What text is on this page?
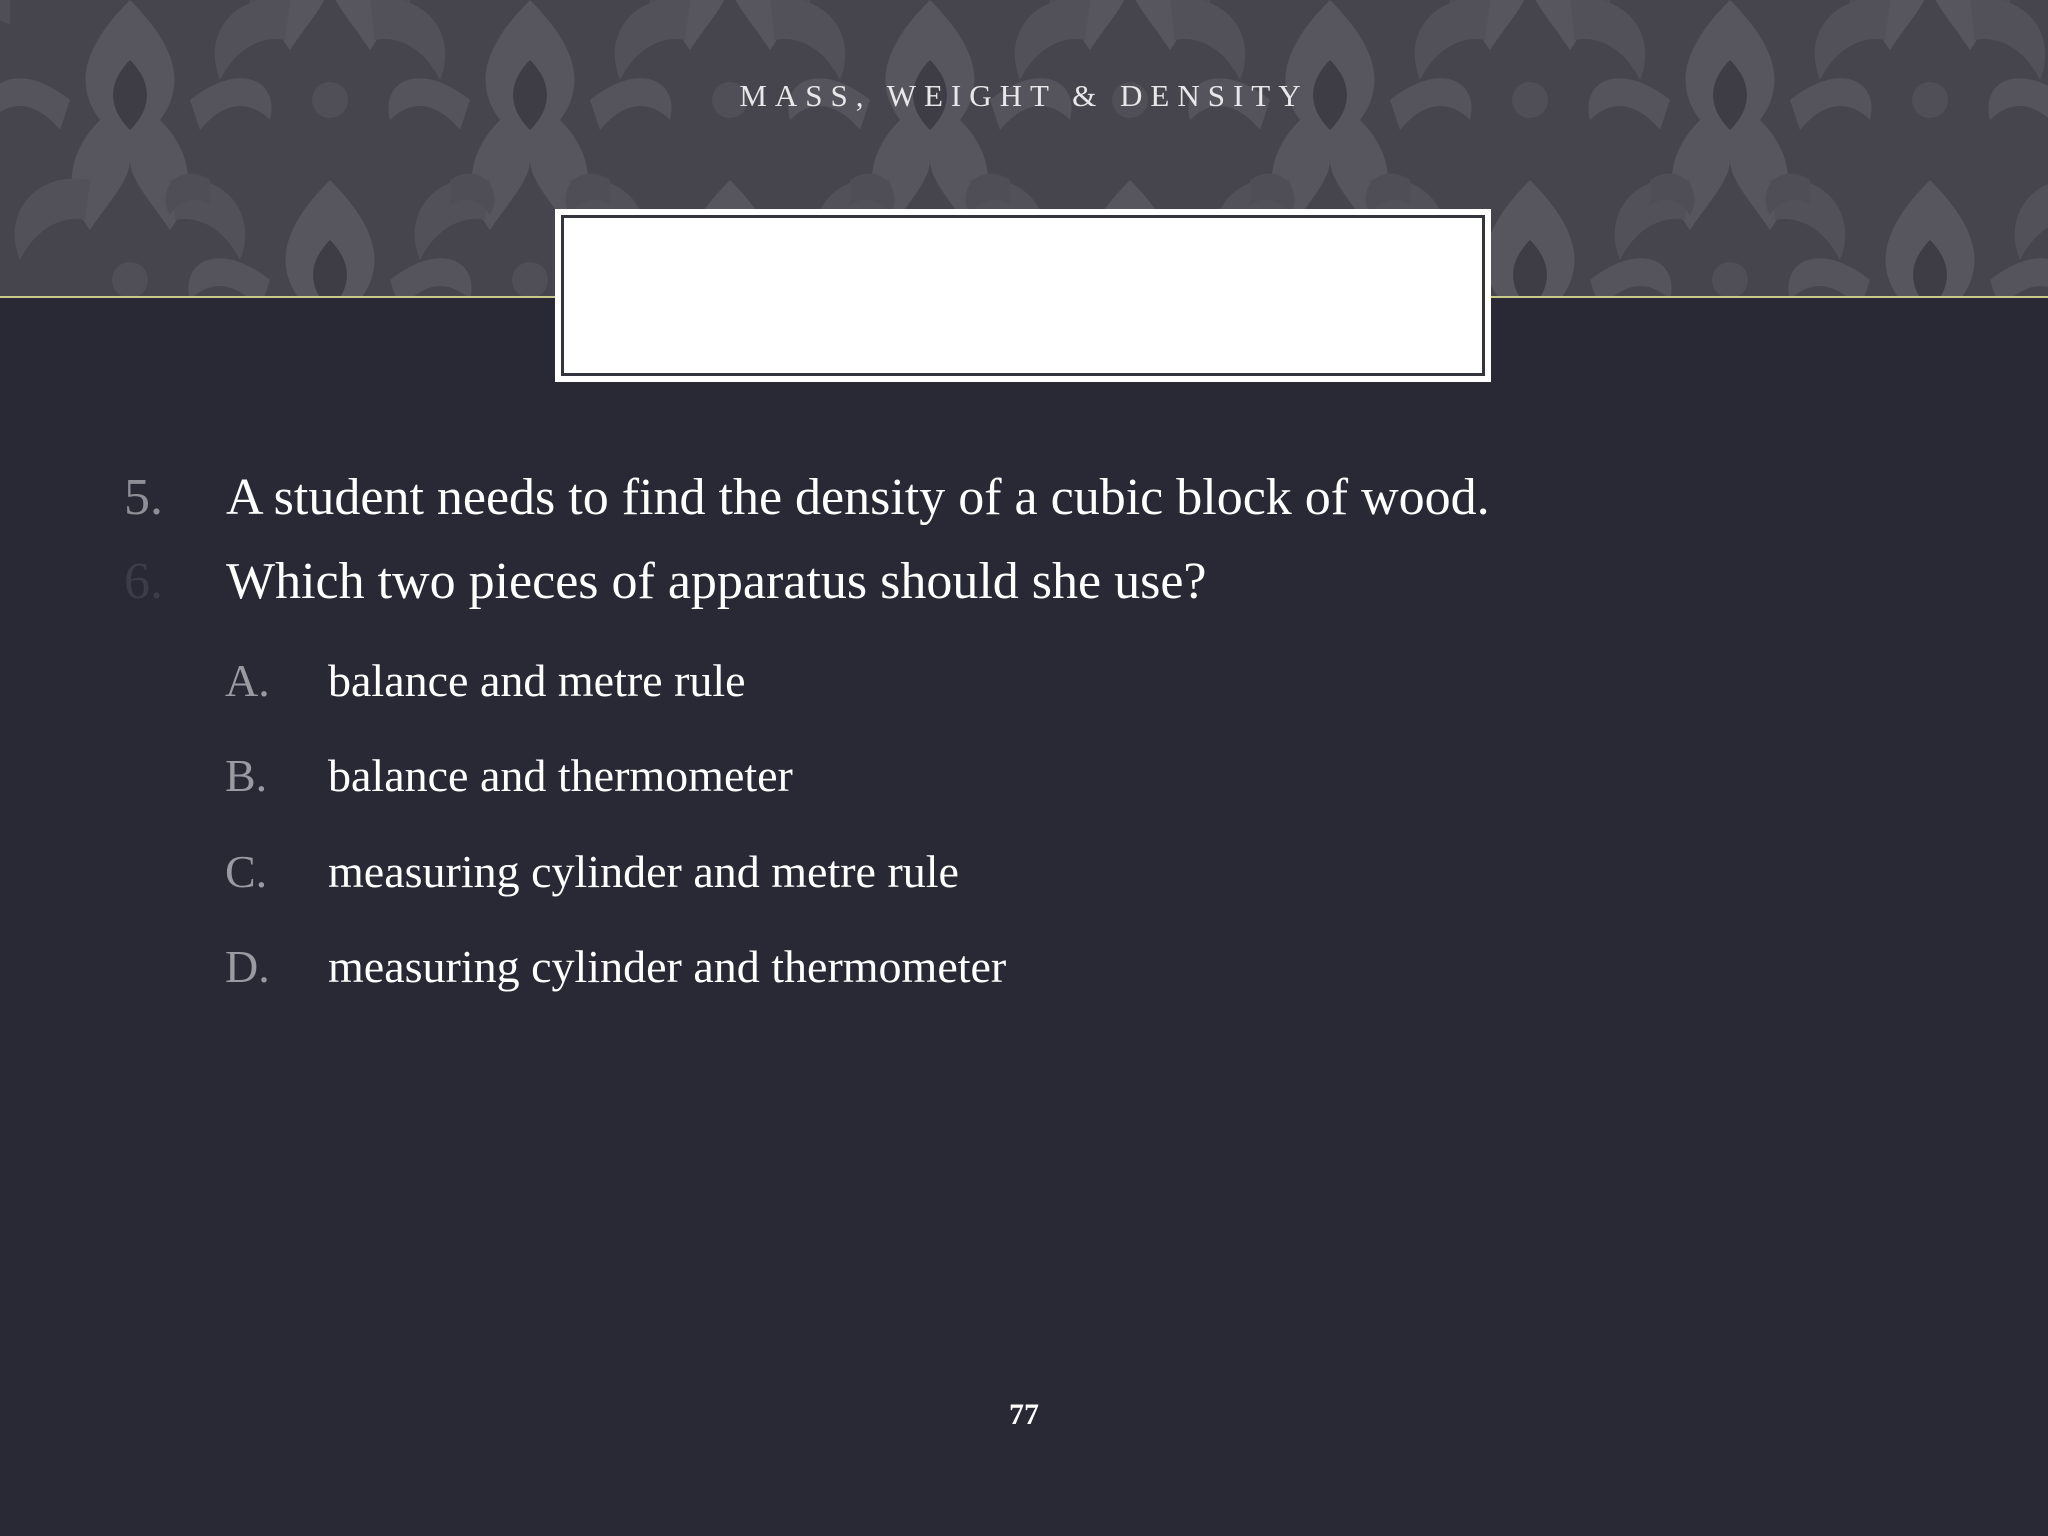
MASS, WEIGHT & DENSITY
5. A student needs to find the density of a cubic block of wood.
6. Which two pieces of apparatus should she use?
A. balance and metre rule
B. balance and thermometer
C. measuring cylinder and metre rule
D. measuring cylinder and thermometer
77
